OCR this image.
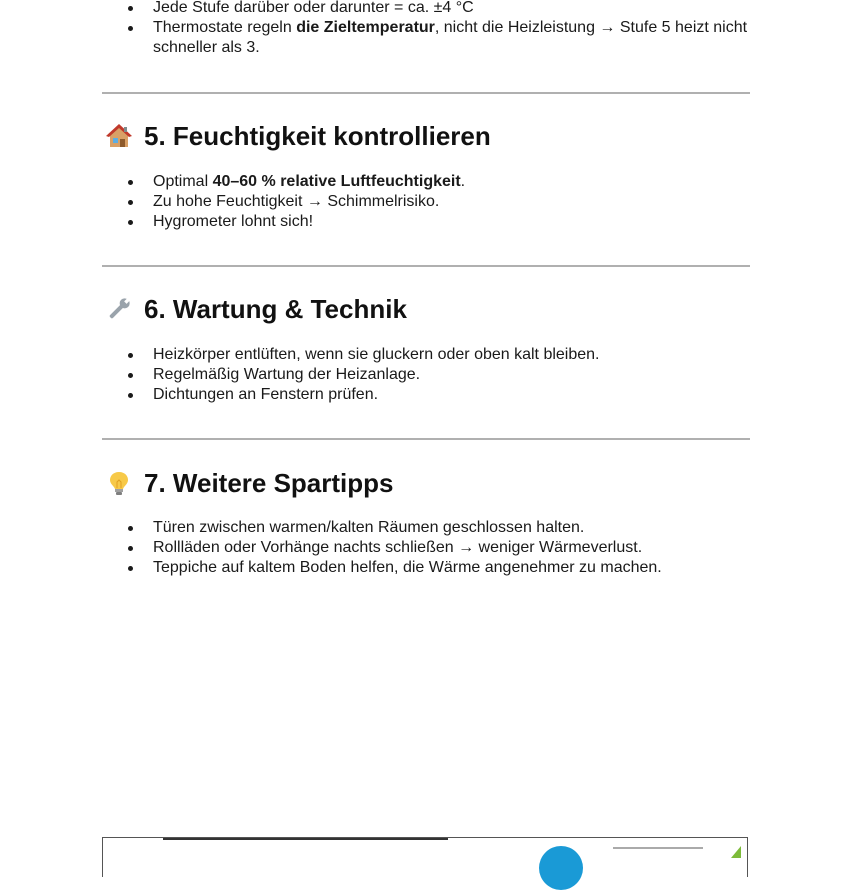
Jede Stufe darüber oder darunter = ca. ±4 °C
Thermostate regeln die Zieltemperatur, nicht die Heizleistung → Stufe 5 heizt nicht schneller als 3.
5. Feuchtigkeit kontrollieren
Optimal 40–60 % relative Luftfeuchtigkeit.
Zu hohe Feuchtigkeit → Schimmelrisiko.
Hygrometer lohnt sich!
6. Wartung & Technik
Heizkörper entlüften, wenn sie gluckern oder oben kalt bleiben.
Regelmäßig Wartung der Heizanlage.
Dichtungen an Fenstern prüfen.
7. Weitere Spartipps
Türen zwischen warmen/kalten Räumen geschlossen halten.
Rollläden oder Vorhänge nachts schließen → weniger Wärmeverlust.
Teppiche auf kaltem Boden helfen, die Wärme angenehmer zu machen.
